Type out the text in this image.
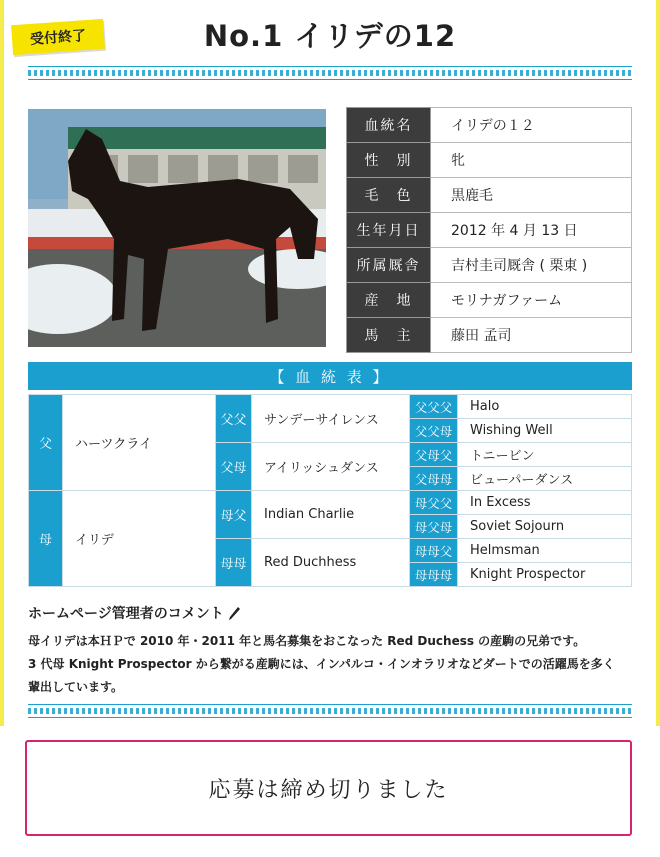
受付終了	No.1 イリデの12
血統名	イリデの１２
性　別	牝
毛　色	黒鹿毛
生年月日	2012 年 4 月 13 日
所属厩舎	吉村圭司厩舎 ( 栗東 )
産　地	モリナガファーム
馬　主	藤田 孟司
【 血 統 表 】
父	ハーツクライ	父父	サンデーサイレンス	父父父	Halo
				父父母	Wishing Well
		父母	アイリッシュダンス	父母父	トニービン
				父母母	ビューパーダンス
母	イリデ	母父	Indian Charlie	母父父	In Excess
				母父母	Soviet Sojourn
		母母	Red Duchhess	母母父	Helmsman
				母母母	Knight Prospector
ホームページ管理者のコメント
母イリデは本ＨＰで 2010 年・2011 年と馬名募集をおこなった Red Duchess の産駒の兄弟です。
3 代母 Knight Prospector から繋がる産駒には、インパルコ・インオラリオなどダートでの活躍馬を多く
輩出しています。
応募は締め切りました
